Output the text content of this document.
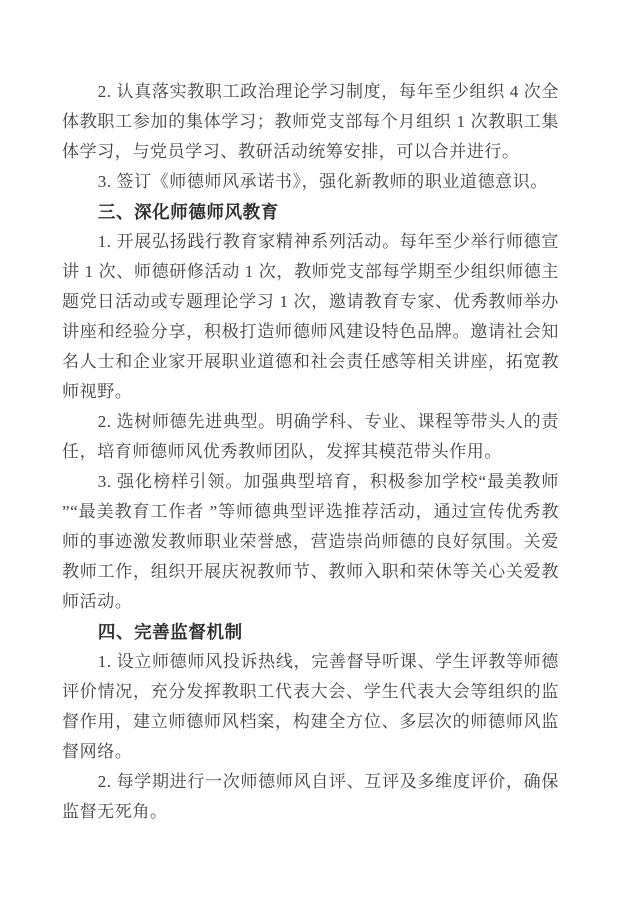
2. 认真落实教职工政治理论学习制度，每年至少组织 4 次全体教职工参加的集体学习；教师党支部每个月组织 1 次教职工集体学习，与党员学习、教研活动统筹安排，可以合并进行。

3. 签订《师德师风承诺书》，强化新教师的职业道德意识。

三、深化师德师风教育

1. 开展弘扬践行教育家精神系列活动。每年至少举行师德宣讲 1 次、师德研修活动 1 次，教师党支部每学期至少组织师德主题党日活动或专题理论学习 1 次，邀请教育专家、优秀教师举办讲座和经验分享，积极打造师德师风建设特色品牌。邀请社会知名人士和企业家开展职业道德和社会责任感等相关讲座，拓宽教师视野。

2. 选树师德先进典型。明确学科、专业、课程等带头人的责任，培育师德师风优秀教师团队，发挥其模范带头作用。

3. 强化榜样引领。加强典型培育，积极参加学校“最美教师 ”“最美教育工作者 ”等师德典型评选推荐活动，通过宣传优秀教师的事迹激发教师职业荣誉感，营造崇尚师德的良好氛围。关爱教师工作，组织开展庆祝教师节、教师入职和荣休等关心关爱教师活动。

四、完善监督机制

1. 设立师德师风投诉热线，完善督导听课、学生评教等师德评价情况，充分发挥教职工代表大会、学生代表大会等组织的监督作用，建立师德师风档案，构建全方位、多层次的师德师风监督网络。

2. 每学期进行一次师德师风自评、互评及多维度评价，确保监督无死角。
